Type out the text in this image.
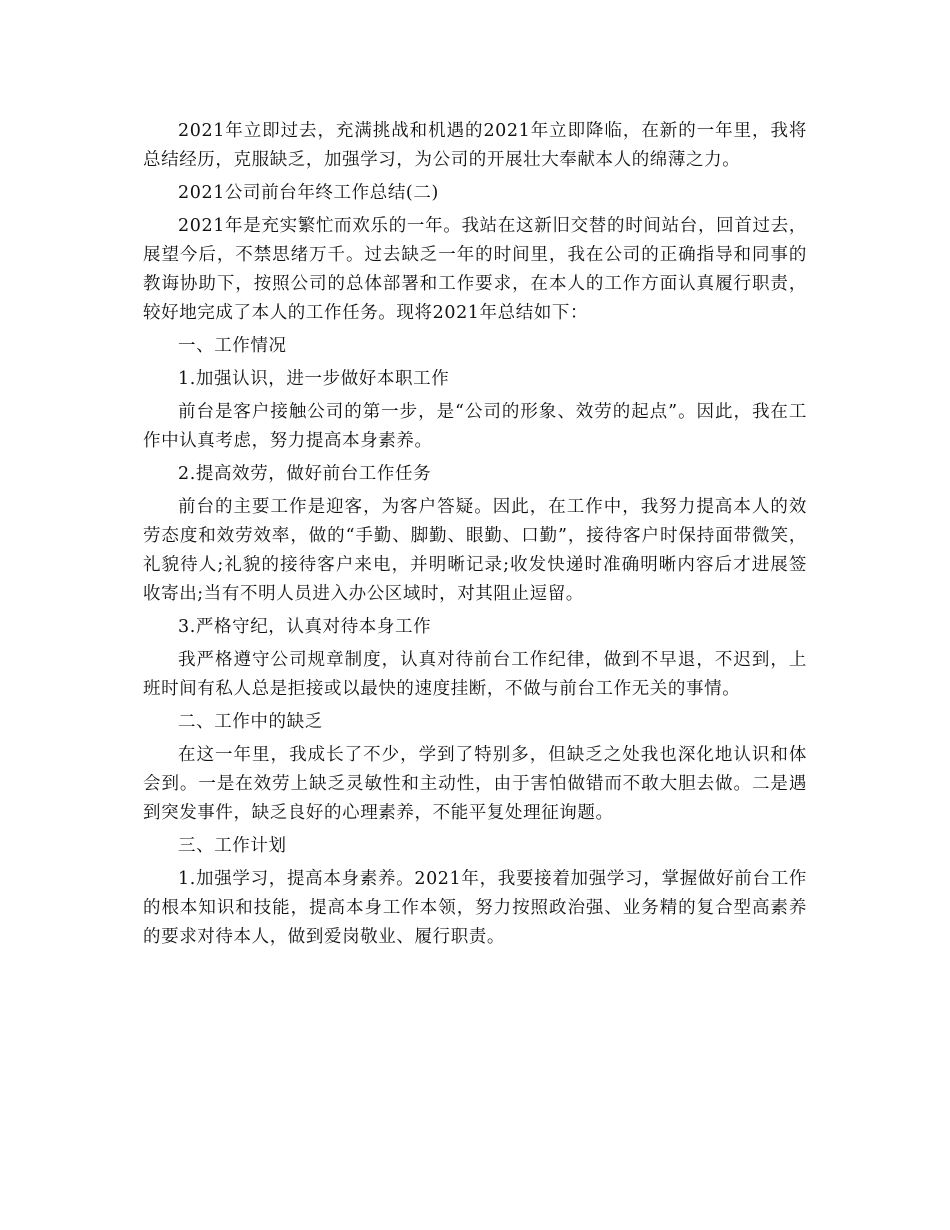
2021年立即过去，充满挑战和机遇的2021年立即降临，在新的一年里，我将总结经历，克服缺乏，加强学习，为公司的开展壮大奉献本人的绵薄之力。

2021公司前台年终工作总结(二)

2021年是充实繁忙而欢乐的一年。我站在这新旧交替的时间站台，回首过去，展望今后，不禁思绪万千。过去缺乏一年的时间里，我在公司的正确指导和同事的教诲协助下，按照公司的总体部署和工作要求，在本人的工作方面认真履行职责，较好地完成了本人的工作任务。现将2021年总结如下：

一、工作情况

1.加强认识，进一步做好本职工作

前台是客户接触公司的第一步，是“公司的形象、效劳的起点”。因此，我在工作中认真考虑，努力提高本身素养。

2.提高效劳，做好前台工作任务

前台的主要工作是迎客，为客户答疑。因此，在工作中，我努力提高本人的效劳态度和效劳效率，做的“手勤、脚勤、眼勤、口勤”，接待客户时保持面带微笑，礼貌待人;礼貌的接待客户来电，并明晰记录;收发快递时准确明晰内容后才进展签收寄出;当有不明人员进入办公区域时，对其阻止逗留。

3.严格守纪，认真对待本身工作

我严格遵守公司规章制度，认真对待前台工作纪律，做到不早退，不迟到，上班时间有私人总是拒接或以最快的速度挂断，不做与前台工作无关的事情。

二、工作中的缺乏

在这一年里，我成长了不少，学到了特别多，但缺乏之处我也深化地认识和体会到。一是在效劳上缺乏灵敏性和主动性，由于害怕做错而不敢大胆去做。二是遇到突发事件，缺乏良好的心理素养，不能平复处理征询题。

三、工作计划

1.加强学习，提高本身素养。2021年，我要接着加强学习，掌握做好前台工作的根本知识和技能，提高本身工作本领，努力按照政治强、业务精的复合型高素养的要求对待本人，做到爱岗敬业、履行职责。
